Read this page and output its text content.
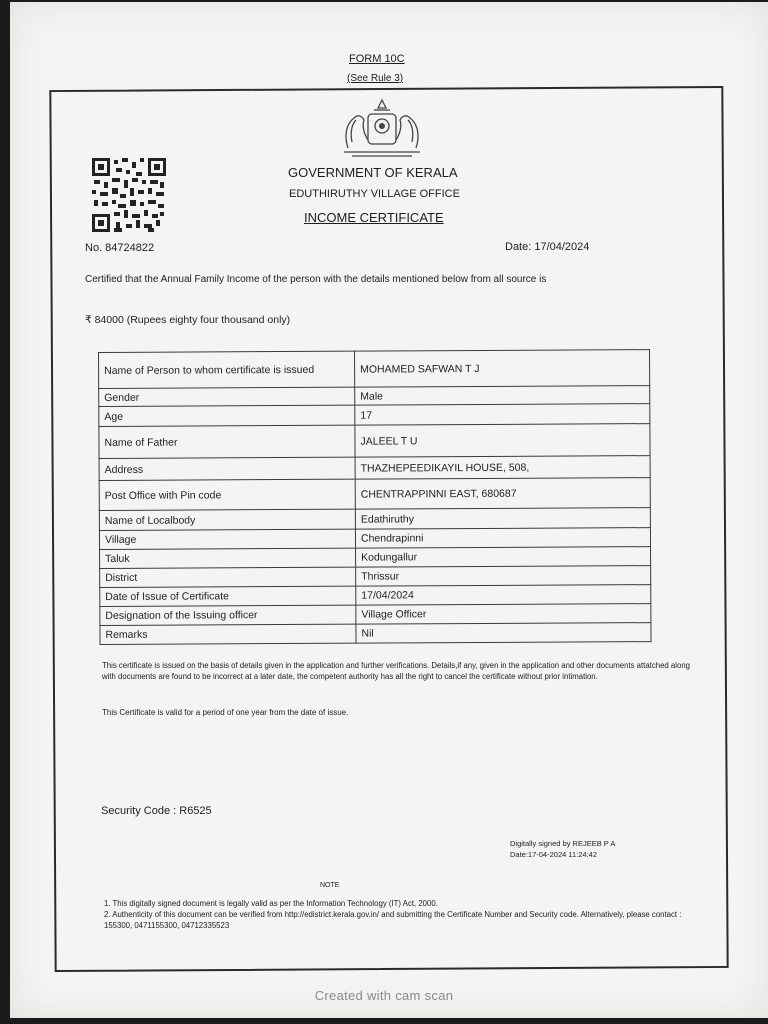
FORM 10C
(See Rule 3)
GOVERNMENT OF KERALA
EDUTHIRUTHY VILLAGE OFFICE
INCOME CERTIFICATE
No. 84724822	Date: 17/04/2024
Certified that the Annual Family Income of the person with the details mentioned below from all source is
₹ 84000 (Rupees eighty four thousand only)
Name of Person to whom certificate is issued	MOHAMED SAFWAN T J
Gender	Male
Age	17
Name of Father	JALEEL T U
Address	THAZHEPEEDIKAYIL HOUSE, 508,
Post Office with Pin code	CHENTRAPPINNI EAST, 680687
Name of Localbody	Edathiruthy
Village	Chendrapinni
Taluk	Kodungallur
District	Thrissur
Date of Issue of Certificate	17/04/2024
Designation of the Issuing officer	Village Officer
Remarks	Nil
This certificate is issued on the basis of details given in the application and further verifications. Details,if any, given in the application and other documents attatched along with documents are found to be incorrect at a later date, the competent authority has all the right to cancel the certificate without prior intimation.
This Certificate is valid for a period of one year from the date of issue.
Security Code : R6525
Digitally signed by REJEEB P A
Date:17-04-2024 11:24:42
NOTE
1. This digitally signed document is legally valid as per the Information Technology (IT) Act, 2000.
2. Authenticity of this document can be verified from http://edistrict.kerala.gov.in/ and submitting the Certificate Number and Security code. Alternatively, please contact : 155300, 0471155300, 04712335523
Created with cam scan
